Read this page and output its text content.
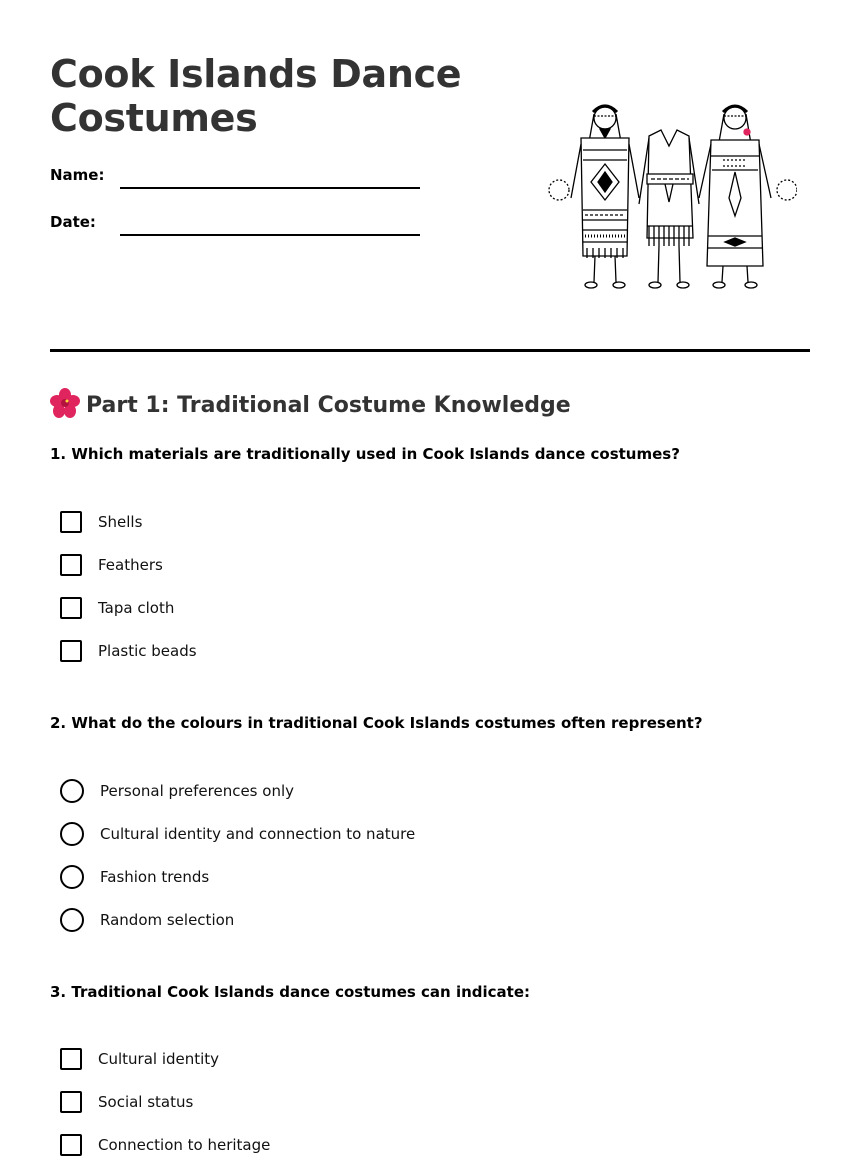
Cook Islands Dance Costumes
Name:
Date:
Part 1: Traditional Costume Knowledge
1. Which materials are traditionally used in Cook Islands dance costumes?
Shells
Feathers
Tapa cloth
Plastic beads
2. What do the colours in traditional Cook Islands costumes often represent?
Personal preferences only
Cultural identity and connection to nature
Fashion trends
Random selection
3. Traditional Cook Islands dance costumes can indicate:
Cultural identity
Social status
Connection to heritage
